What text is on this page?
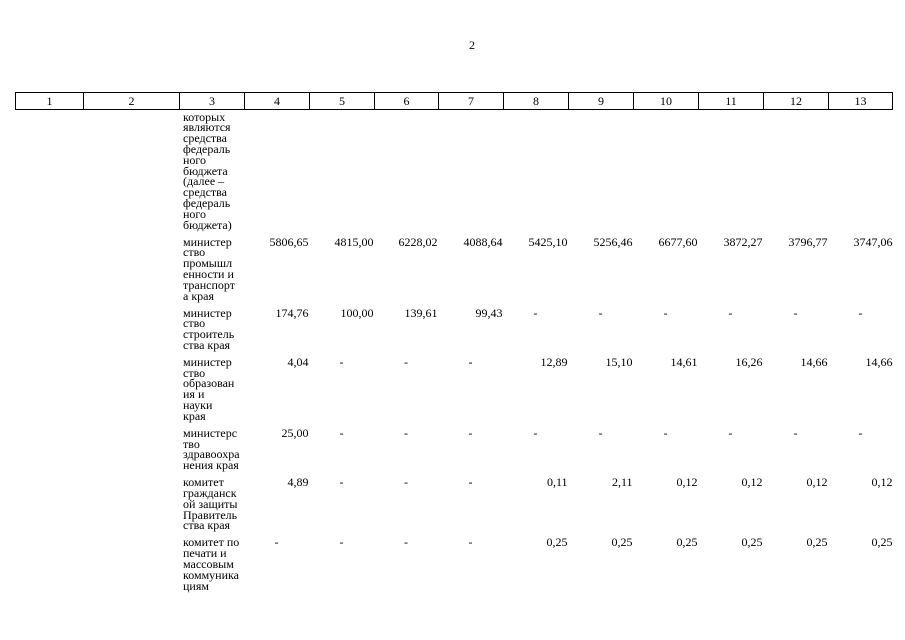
2
1	2	3	4	5	6	7	8	9	10	11	12	13
которых
являются
средства
федераль
ного
бюджета
(далее –
средства
федераль
ного
бюджета)
министер
ство
промышл
енности и
транспорт
а края
5806,65	4815,00	6228,02	4088,64	5425,10	5256,46	6677,60	3872,27	3796,77	3747,06
министер
ство
строитель
ства края
174,76	100,00	139,61	99,43	-	-	-	-	-	-
министер
ство
образован
ия и
науки
края
4,04	-	-	-	12,89	15,10	14,61	16,26	14,66	14,66
министерс
тво
здравоохра
нения края
25,00	-	-	-	-	-	-	-	-	-
комитет
гражданск
ой защиты
Правитель
ства края
4,89	-	-	-	0,11	2,11	0,12	0,12	0,12	0,12
комитет по
печати и
массовым
коммуника
циям
-	-	-	-	0,25	0,25	0,25	0,25	0,25	0,25
